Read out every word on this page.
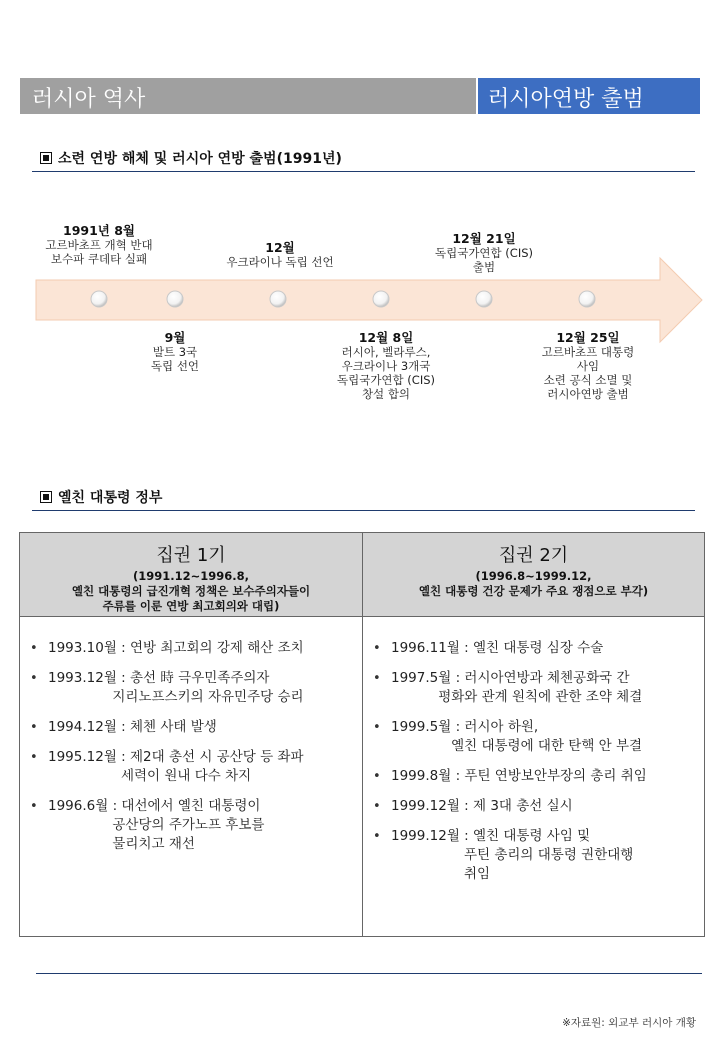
러시아 역사	러시아연방 출범
소련 연방 해체 및 러시아 연방 출범(1991년)
1991년 8월
고르바초프 개혁 반대
보수파 쿠데타 실패
9월
발트 3국
독립 선언
12월
우크라이나 독립 선언
12월 8일
러시아, 벨라루스,
우크라이나 3개국
독립국가연합 (CIS)
창설 합의
12월 21일
독립국가연합 (CIS)
출범
12월 25일
고르바초프 대통령
사임
소련 공식 소멸 및
러시아연방 출범
옐친 대통령 정부
집권 1기
(1991.12~1996.8,
옐친 대통령의 급진개혁 정책은 보수주의자들이
주류를 이룬 연방 최고회의와 대립)
집권 2기
(1996.8~1999.12,
옐친 대통령 건강 문제가 주요 쟁점으로 부각)
• 1993.10월 : 연방 최고회의 강제 해산 조치
• 1993.12월 : 총선 時 극우민족주의자
지리노프스키의 자유민주당 승리
• 1994.12월 : 체첸 사태 발생
• 1995.12월 : 제2대 총선 시 공산당 등 좌파
세력이 원내 다수 차지
• 1996.6월 : 대선에서 옐친 대통령이
공산당의 주가노프 후보를
물리치고 재선
• 1996.11월 : 옐친 대통령 심장 수술
• 1997.5월 : 러시아연방과 체첸공화국 간
평화와 관계 원칙에 관한 조약 체결
• 1999.5월 : 러시아 하원,
옐친 대통령에 대한 탄핵 안 부결
• 1999.8월 : 푸틴 연방보안부장의 총리 취임
• 1999.12월 : 제 3대 총선 실시
• 1999.12월 : 옐친 대통령 사임 및
푸틴 총리의 대통령 권한대행
취임
※자료원: 외교부 러시아 개황
